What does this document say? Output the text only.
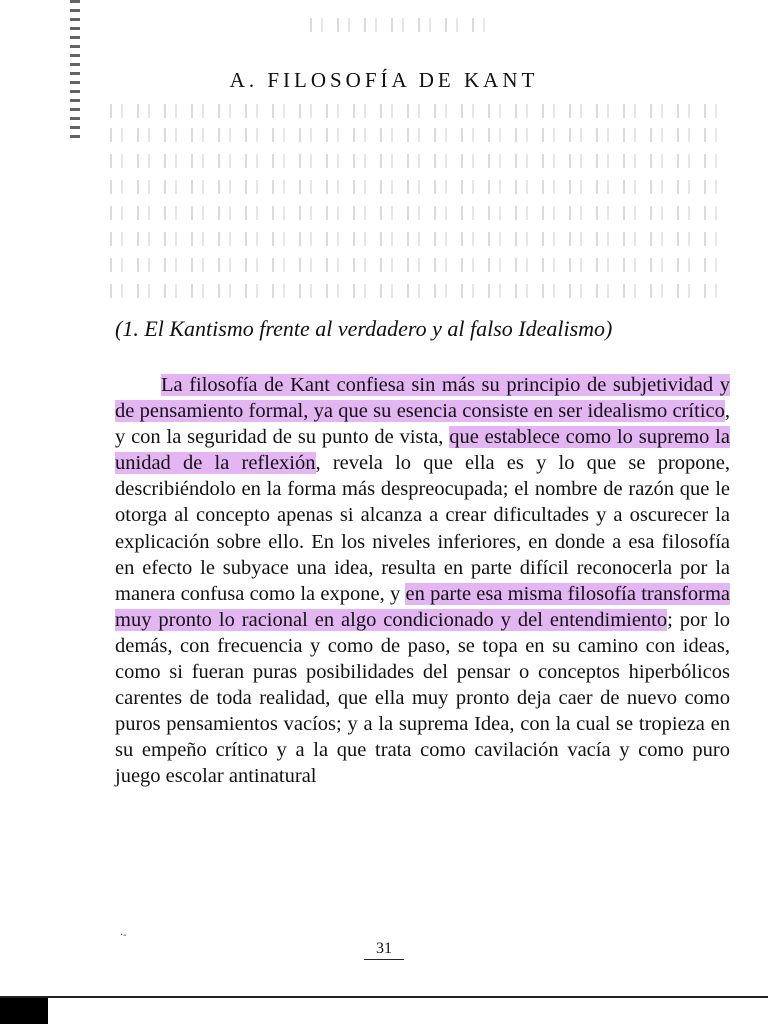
A. FILOSOFÍA DE KANT
(1. El Kantismo frente al verdadero y al falso Idealismo)
La filosofía de Kant confiesa sin más su principio de subjetividad y de pensamiento formal, ya que su esencia consiste en ser idealismo crítico, y con la seguridad de su punto de vista, que establece como lo supremo la unidad de la reflexión, revela lo que ella es y lo que se propone, describiéndolo en la forma más despreocupada; el nombre de razón que le otorga al concepto apenas si alcanza a crear dificultades y a oscurecer la explicación sobre ello. En los niveles inferiores, en donde a esa filosofía en efecto le subyace una idea, resulta en parte difícil reconocerla por la manera confusa como la expone, y en parte esa misma filosofía transforma muy pronto lo racional en algo condicionado y del entendimiento; por lo demás, con frecuencia y como de paso, se topa en su camino con ideas, como si fueran puras posibilidades del pensar o conceptos hiperbólicos carentes de toda realidad, que ella muy pronto deja caer de nuevo como puros pensamientos vacíos; y a la suprema Idea, con la cual se tropieza en su empeño crítico y a la que trata como cavilación vacía y como puro juego escolar antinatural
·-
31
